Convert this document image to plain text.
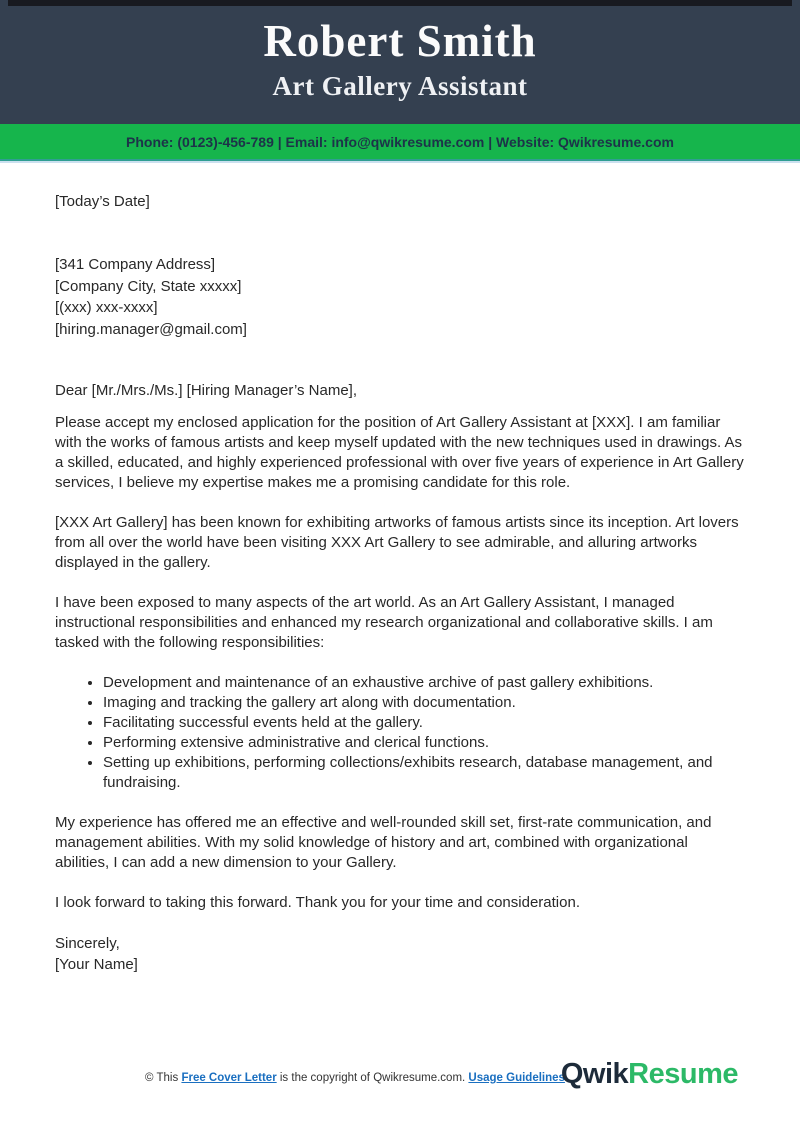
Robert Smith
Art Gallery Assistant
Phone: (0123)-456-789 | Email: info@qwikresume.com | Website: Qwikresume.com

[Today’s Date]

[341 Company Address]
[Company City, State xxxxx]
[(xxx) xxx-xxxx]
[hiring.manager@gmail.com]

Dear [Mr./Mrs./Ms.] [Hiring Manager’s Name],

Please accept my enclosed application for the position of Art Gallery Assistant at [XXX]. I am familiar with the works of famous artists and keep myself updated with the new techniques used in drawings. As a skilled, educated, and highly experienced professional with over five years of experience in Art Gallery services, I believe my expertise makes me a promising candidate for this role.

[XXX Art Gallery] has been known for exhibiting artworks of famous artists since its inception. Art lovers from all over the world have been visiting XXX Art Gallery to see admirable, and alluring artworks displayed in the gallery.

I have been exposed to many aspects of the art world. As an Art Gallery Assistant, I managed instructional responsibilities and enhanced my research organizational and collaborative skills. I am tasked with the following responsibilities:

• Development and maintenance of an exhaustive archive of past gallery exhibitions.
• Imaging and tracking the gallery art along with documentation.
• Facilitating successful events held at the gallery.
• Performing extensive administrative and clerical functions.
• Setting up exhibitions, performing collections/exhibits research, database management, and fundraising.

My experience has offered me an effective and well-rounded skill set, first-rate communication, and management abilities. With my solid knowledge of history and art, combined with organizational abilities, I can add a new dimension to your Gallery.

I look forward to taking this forward. Thank you for your time and consideration.

Sincerely,
[Your Name]
© This Free Cover Letter is the copyright of Qwikresume.com. Usage Guidelines
QwikResume
